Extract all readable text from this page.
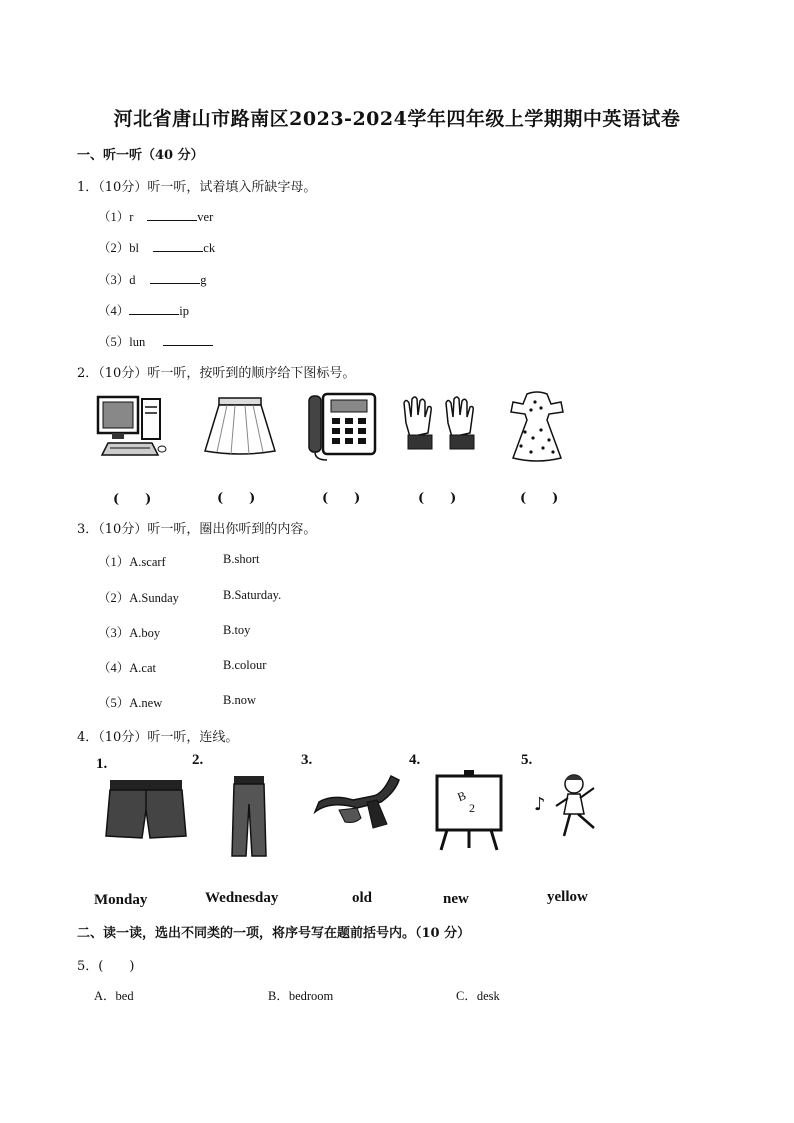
河北省唐山市路南区2023-2024学年四年级上学期期中英语试卷
一、听一听（40 分）
1．（10分）听一听，试着填入所缺字母。
（1）r	ver
（2）bl	ck
（3）d	g
（4）	ip
（5）lun
2．（10分）听一听，按听到的顺序给下图标号。
(　　)	(　　)	(　　)	(　　)	(　　)
3．（10分）听一听，圈出你听到的内容。
（1）A.scarf	B.short
（2）A.Sunday	B.Saturday.
（3）A.boy	B.toy
（4）A.cat	B.colour
（5）A.new	B.now
4．（10分）听一听，连线。
1.	2.	3.	4.	5.
B
2	♪
Monday	Wednesday	old	new	yellow
二、读一读，选出不同类的一项，将序号写在题前括号内。（10 分）
5．(　　)
A．bed	B．bedroom	C．desk
